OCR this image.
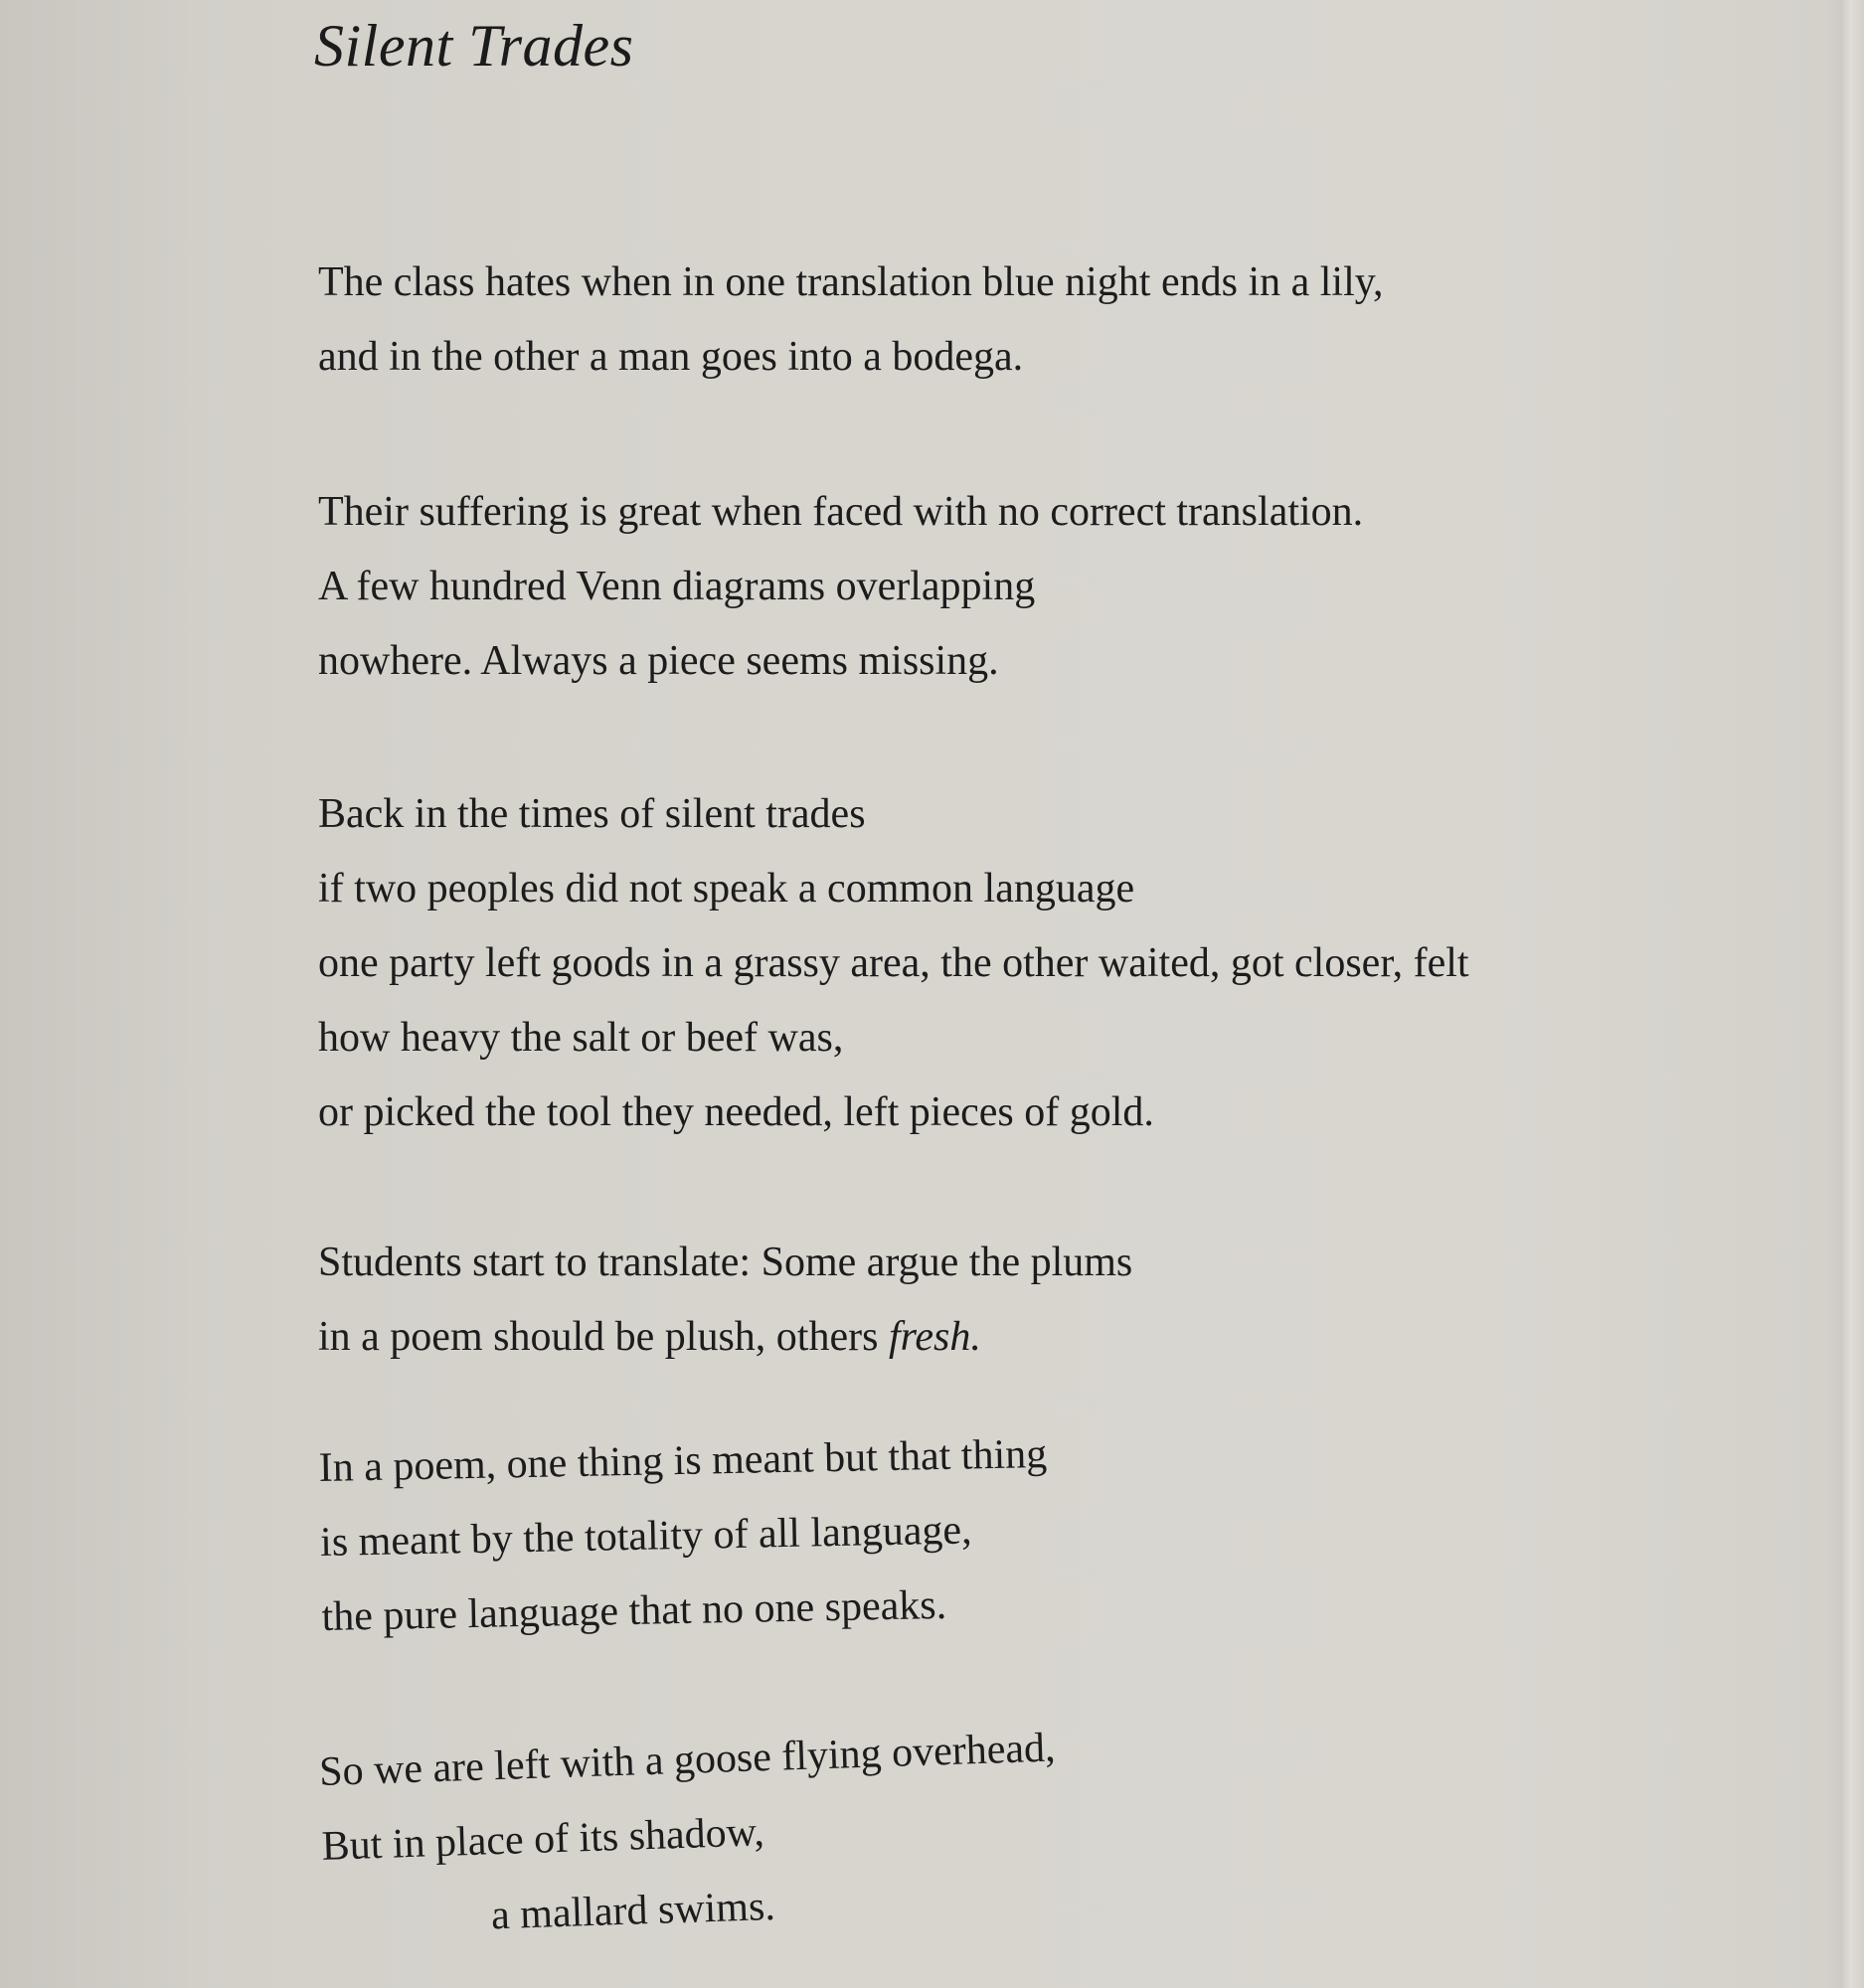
Silent Trades
The class hates when in one translation blue night ends in a lily,
and in the other a man goes into a bodega.
Their suffering is great when faced with no correct translation.
A few hundred Venn diagrams overlapping
nowhere. Always a piece seems missing.
Back in the times of silent trades
if two peoples did not speak a common language
one party left goods in a grassy area, the other waited, got closer, felt
how heavy the salt or beef was,
or picked the tool they needed, left pieces of gold.
Students start to translate: Some argue the plums
in a poem should be plush, others fresh.
In a poem, one thing is meant but that thing
is meant by the totality of all language,
the pure language that no one speaks.
So we are left with a goose flying overhead,
But in place of its shadow,
a mallard swims.
